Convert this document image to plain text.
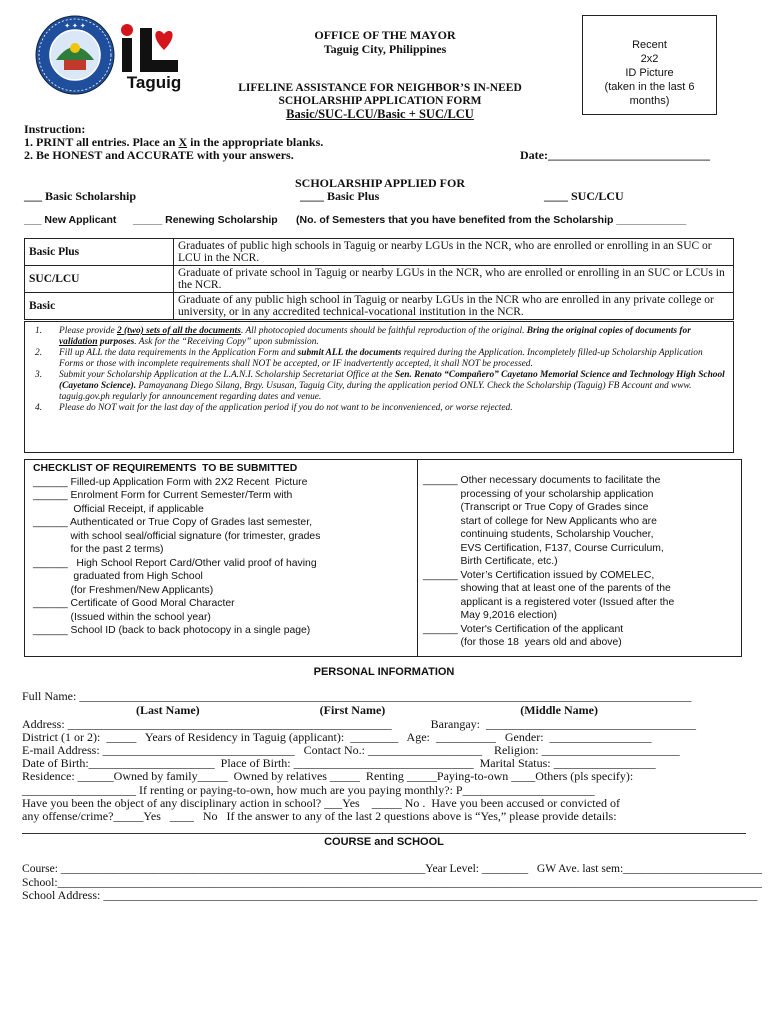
✦ ✦ ✦
Taguig
OFFICE OF THE MAYOR
Taguig City, Philippines	Recent
2x2
ID Picture
(taken in the last 6
months)
LIFELINE ASSISTANCE FOR NEIGHBOR’S IN-NEED
SCHOLARSHIP APPLICATION FORM
Basic/SUC-LCU/Basic + SUC/LCU
Instruction:
1. PRINT all entries. Place an X in the appropriate blanks.
2. Be HONEST and ACCURATE with your answers.	Date:___________________________
SCHOLARSHIP APPLIED FOR
___ Basic Scholarship	____ Basic Plus	____ SUC/LCU
___ New Applicant _____ Renewing Scholarship (No. of Semesters that you have benefited from the Scholarship ____________
Basic Plus	Graduates of public high schools in Taguig or nearby LGUs in the NCR, who are enrolled or enrolling in an SUC or LCU in the NCR.
SUC/LCU	Graduate of private school in Taguig or nearby LGUs in the NCR, who are enrolled or enrolling in an SUC or LCUs in the NCR.
Basic	Graduate of any public high school in Taguig or nearby LGUs in the NCR who are enrolled in any private college or university, or in any accredited technical-vocational institution in the NCR.
1. Please provide 2 (two) sets of all the documents. All photocopied documents should be faithful reproduction of the original. Bring the original copies of documents for validation purposes. Ask for the “Receiving Copy” upon submission.
2. Fill up ALL the data requirements in the Application Form and submit ALL the documents required during the Application. Incompletely filled-up Scholarship Application Forms or those with incomplete requirements shall NOT be accepted, or IF inadvertently accepted, it shall NOT be processed.
3. Submit your Scholarship Application at the L.A.N.I. Scholarship Secretariat Office at the Sen. Renato “Compañero” Cayetano Memorial Science and Technology High School (Cayetano Science). Pamayanang Diego Silang, Brgy. Ususan, Taguig City, during the application period ONLY. Check the Scholarship (Taguig) FB Account and www. taguig.gov.ph regularly for announcement regarding dates and venue.
4. Please do NOT wait for the last day of the application period if you do not want to be inconvenienced, or worse rejected.
CHECKLIST OF REQUIREMENTS  TO BE SUBMITTED
______ Filled-up Application Form with 2X2 Recent  Picture
______ Enrolment Form for Current Semester/Term with
Official Receipt, if applicable
______ Authenticated or True Copy of Grades last semester,
with school seal/official signature (for trimester, grades
for the past 2 terms)
______   High School Report Card/Other valid proof of having
graduated from High School
(for Freshmen/New Applicants)
______ Certificate of Good Moral Character
(Issued within the school year)
______ School ID (back to back photocopy in a single page)
______ Other necessary documents to facilitate the
processing of your scholarship application
(Transcript or True Copy of Grades since
start of college for New Applicants who are
continuing students, Scholarship Voucher,
EVS Certification, F137, Course Curriculum,
Birth Certificate, etc.)
______ Voter’s Certification issued by COMELEC,
showing that at least one of the parents of the
applicant is a registered voter (Issued after the
May 9,2016 election)
______ Voter's Certification of the applicant
(for those 18  years old and above)
PERSONAL INFORMATION
Full Name: ______________________________________________________________________________________________________
(Last Name)                                        (First Name)                                             (Middle Name)
Address: ______________________________________________________             Barangay:  ___________________________________
District (1 or 2):  _____   Years of Residency in Taguig (applicant):  ________   Age:  __________   Gender:  _________________
E-mail Address: ________________________________   Contact No.: ___________________    Religion: _______________________
Date of Birth:_____________________  Place of Birth: ______________________________  Marital Status: _________________
Residence: ______Owned by family_____  Owned by relatives _____  Renting _____Paying-to-own ____Others (pls specify):
___________________ If renting or paying-to-own, how much are you paying monthly?: P______________________
Have you been the object of any disciplinary action in school? ___Yes    _____ No .  Have you been accused or convicted of
any offense/crime?_____Yes   ____   No   If the answer to any of the last 2 questions above is “Yes,” please provide details:
COURSE and SCHOOL
Course: _______________________________________________________________Year Level: ________   GW Ave. last sem:________________________
School:_________________________________________________________________________________________________________________________
School Address: _____________________________________________________________________________________________________________
